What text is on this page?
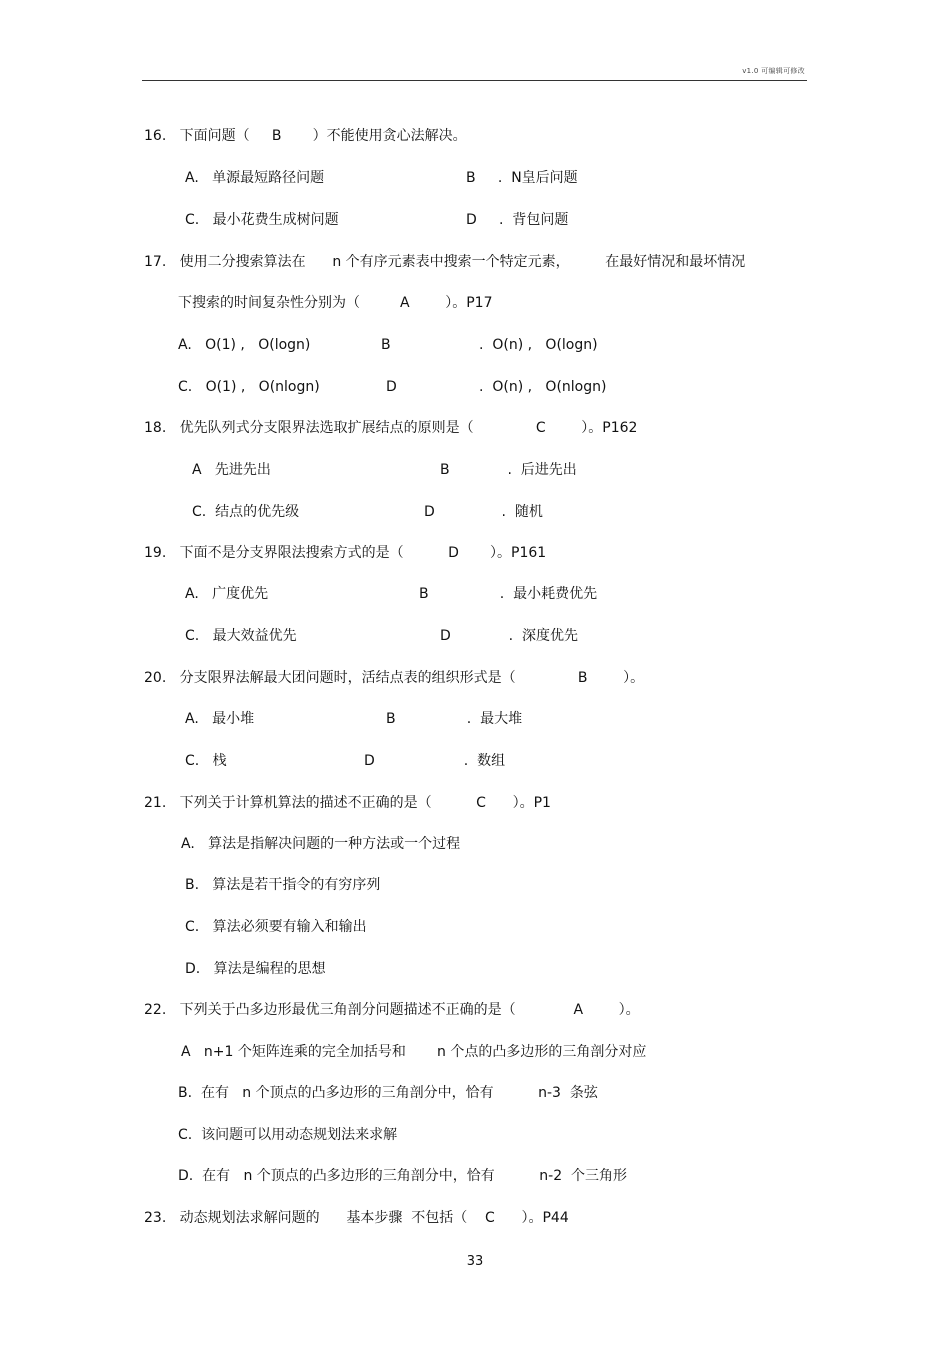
v1.0 可编辑可修改
16.   下面问题（     B       ）不能使用贪心法解决。
A.   单源最短路径问题	B     .  N皇后问题
C.   最小花费生成树问题	D     .  背包问题
17.   使用二分搜索算法在      n 个有序元素表中搜索一个特定元素，        在最好情况和最坏情况
下搜索的时间复杂性分别为（         A        ）。P17
A.   O(1) ,   O(logn)	B	.  O(n) ,   O(logn)
C.   O(1) ,   O(nlogn)	D	.  O(n) ,   O(nlogn)
18.   优先队列式分支限界法选取扩展结点的原则是（              C        ）。P162
A   先进先出	B             .  后进先出
C.  结点的优先级	D               .  随机
19.   下面不是分支界限法搜索方式的是（          D       ）。P161
A.   广度优先	B                .  最小耗费优先
C.   最大效益优先	D             .  深度优先
20.   分支限界法解最大团问题时，活结点表的组织形式是（              B        ）。
A.   最小堆	B                .  最大堆
C.   栈	D                    .  数组
21.   下列关于计算机算法的描述不正确的是（          C      ）。P1
A.   算法是指解决问题的一种方法或一个过程
B.   算法是若干指令的有穷序列
C.   算法必须要有输入和输出
D.   算法是编程的思想
22.   下列关于凸多边形最优三角剖分问题描述不正确的是（             A        ）。
A   n+1 个矩阵连乘的完全加括号和       n 个点的凸多边形的三角剖分对应
B.  在有   n 个顶点的凸多边形的三角剖分中，恰有          n-3  条弦
C.  该问题可以用动态规划法来求解
D.  在有   n 个顶点的凸多边形的三角剖分中，恰有          n-2  个三角形
23.   动态规划法求解问题的      基本步骤  不包括（    C      ）。P44
33
